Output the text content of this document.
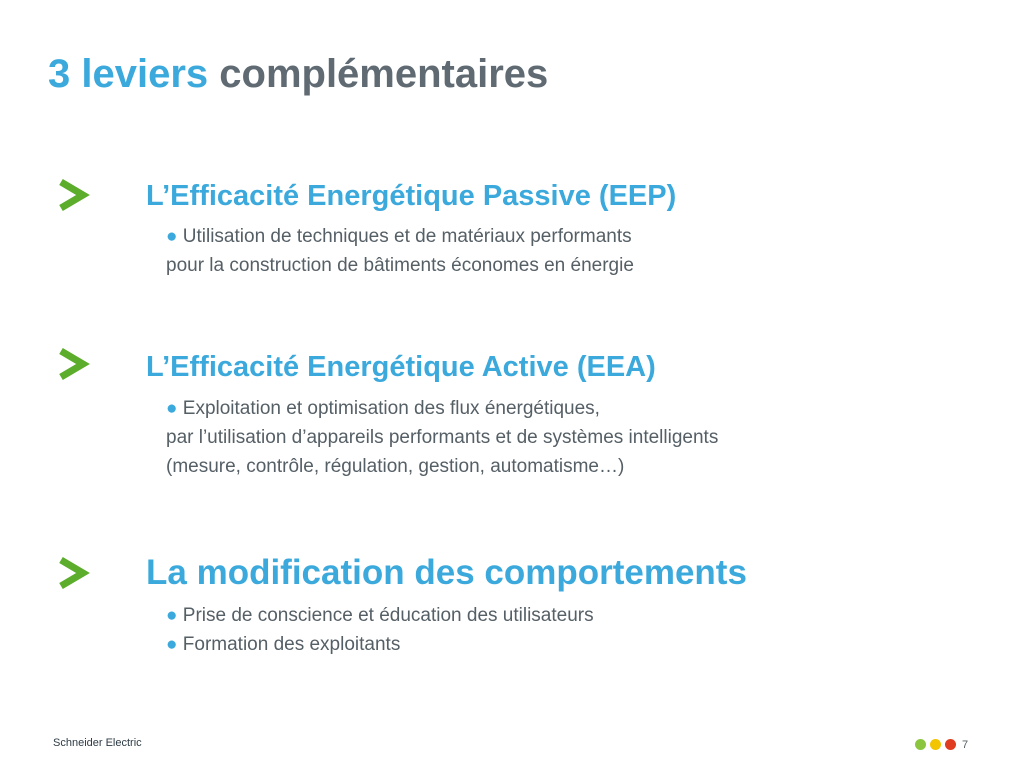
3 leviers complémentaires
L’Efficacité Energétique Passive (EEP)
● Utilisation de techniques et de matériaux performants
pour la construction de bâtiments économes en énergie
L’Efficacité Energétique Active (EEA)
● Exploitation et optimisation des flux énergétiques,
par l’utilisation d’appareils performants et de systèmes intelligents
(mesure, contrôle, régulation, gestion, automatisme…)
La modification des comportements
● Prise de conscience et éducation des utilisateurs
● Formation des exploitants
Schneider Electric	7
